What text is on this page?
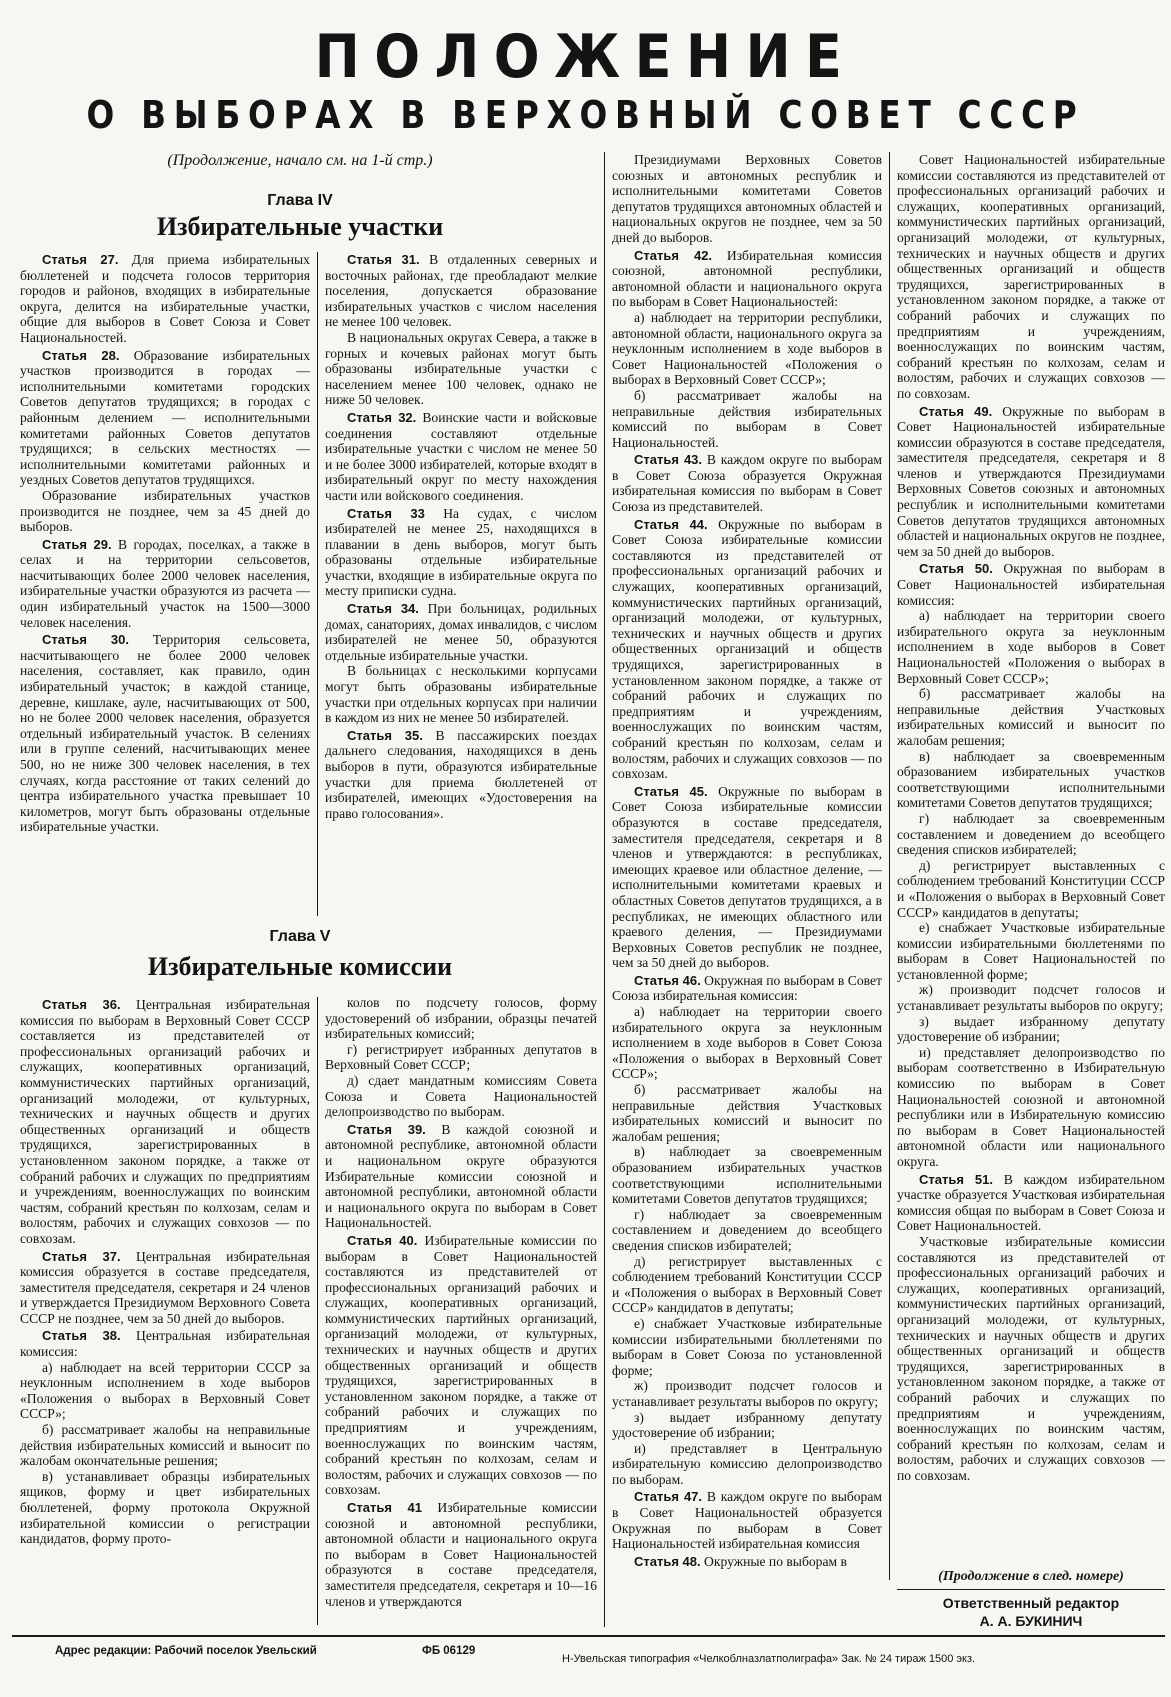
ПОЛОЖЕНИЕ
О ВЫБОРАХ В ВЕРХОВНЫЙ СОВЕТ СССР
(Продолжение, начало см. на 1-й стр.)
Глава IV
Избирательные участки

Статья 27. Для приема избирательных бюллетеней и подсчета голосов территория городов и районов, входящих в избирательные округа, делится на избирательные участки, общие для выборов в Совет Союза и Совет Национальностей.

Статья 28. Образование избирательных участков производится в городах — исполнительными комитетами городских Советов депутатов трудящихся; в городах с районным делением — исполнительными комитетами районных Советов депутатов трудящихся; в сельских местностях — исполнительными комитетами районных и уездных Советов депутатов трудящихся.

Образование избирательных участков производится не позднее, чем за 45 дней до выборов.

Статья 29. В городах, поселках, а также в селах и на территории сельсоветов, насчитывающих более 2000 человек населения, избирательные участки образуются из расчета — один избирательный участок на 1500—3000 человек населения.

Статья 30. Территория сельсовета, насчитывающего не более 2000 человек населения, составляет, как правило, один избирательный участок; в каждой станице, деревне, кишлаке, ауле, насчитывающих от 500, но не более 2000 человек населения, образуется отдельный избирательный участок. В селениях или в группе селений, насчитывающих менее 500, но не ниже 300 человек населения, в тех случаях, когда расстояние от таких селений до центра избирательного участка превышает 10 километров, могут быть образованы отдельные избирательные участки.

Статья 31. В отдаленных северных и восточных районах, где преобладают мелкие поселения, допускается образование избирательных участков с числом населения не менее 100 человек.

В национальных округах Севера, а также в горных и кочевых районах могут быть образованы избирательные участки с населением менее 100 человек, однако не ниже 50 человек.

Статья 32. Воинские части и войсковые соединения составляют отдельные избирательные участки с числом не менее 50 и не более 3000 избирателей, которые входят в избирательный округ по месту нахождения части или войскового соединения.

Статья 33 На судах, с числом избирателей не менее 25, находящихся в плавании в день выборов, могут быть образованы отдельные избирательные участки, входящие в избирательные округа по месту приписки судна.

Статья 34. При больницах, родильных домах, санаториях, домах инвалидов, с числом избирателей не менее 50, образуются отдельные избирательные участки.

В больницах с несколькими корпусами могут быть образованы избирательные участки при отдельных корпусах при наличии в каждом из них не менее 50 избирателей.

Статья 35. В пассажирских поездах дальнего следования, находящихся в день выборов в пути, образуются избирательные участки для приема бюллетеней от избирателей, имеющих «Удостоверения на право голосования».

Глава V
Избирательные комиссии

Статья 36. Центральная избирательная комиссия по выборам в Верховный Совет СССР составляется из представителей от профессиональных организаций рабочих и служащих, кооперативных организаций, коммунистических партийных организаций, организаций молодежи, от культурных, технических и научных обществ и других общественных организаций и обществ трудящихся, зарегистрированных в установленном законом порядке, а также от собраний рабочих и служащих по предприятиям и учреждениям, военнослужащих по воинским частям, собраний крестьян по колхозам, селам и волостям, рабочих и служащих совхозов — по совхозам.

Статья 37. Центральная избирательная комиссия образуется в составе председателя, заместителя председателя, секретаря и 24 членов и утверждается Президиумом Верховного Совета СССР не позднее, чем за 50 дней до выборов.

Статья 38. Центральная избирательная комиссия:

а) наблюдает на всей территории СССР за неуклонным исполнением в ходе выборов «Положения о выборах в Верховный Совет СССР»;

б) рассматривает жалобы на неправильные действия избирательных комиссий и выносит по жалобам окончательные решения;

в) устанавливает образцы избирательных ящиков, форму и цвет избирательных бюллетеней, форму протокола Окружной избирательной комиссии о регистрации кандидатов, форму прото-

колов по подсчету голосов, форму удостоверений об избрании, образцы печатей избирательных комиссий;

г) регистрирует избранных депутатов в Верховный Совет СССР;

д) сдает мандатным комиссиям Совета Союза и Совета Национальностей делопроизводство по выборам.

Статья 39. В каждой союзной и автономной республике, автономной области и национальном округе образуются Избирательные комиссии союзной и автономной республики, автономной области и национального округа по выборам в Совет Национальностей.

Статья 40. Избирательные комиссии по выборам в Совет Национальностей составляются из представителей от профессиональных организаций рабочих и служащих, кооперативных организаций, коммунистических партийных организаций, организаций молодежи, от культурных, технических и научных обществ и других общественных организаций и обществ трудящихся, зарегистрированных в установленном законом порядке, а также от собраний рабочих и служащих по предприятиям и учреждениям, военнослужащих по воинским частям, собраний крестьян по колхозам, селам и волостям, рабочих и служащих совхозов — по совхозам.

Статья 41 Избирательные комиссии союзной и автономной республики, автономной области и национального округа по выборам в Совет Национальностей образуются в составе председателя, заместителя председателя, секретаря и 10—16 членов и утверждаются

Президиумами Верховных Советов союзных и автономных республик и исполнительными комитетами Советов депутатов трудящихся автономных областей и национальных округов не позднее, чем за 50 дней до выборов.

Статья 42. Избирательная комиссия союзной, автономной республики, автономной области и национального округа по выборам в Совет Национальностей:

а) наблюдает на территории республики, автономной области, национального округа за неуклонным исполнением в ходе выборов в Совет Национальностей «Положения о выборах в Верховный Совет СССР»;

б) рассматривает жалобы на неправильные действия избирательных комиссий по выборам в Совет Национальностей.

Статья 43. В каждом округе по выборам в Совет Союза образуется Окружная избирательная комиссия по выборам в Совет Союза из представителей.

Статья 44. Окружные по выборам в Совет Союза избирательные комиссии составляются из представителей от профессиональных организаций рабочих и служащих, кооперативных организаций, коммунистических партийных организаций, организаций молодежи, от культурных, технических и научных обществ и других общественных организаций и обществ трудящихся, зарегистрированных в установленном законом порядке, а также от собраний рабочих и служащих по предприятиям и учреждениям, военнослужащих по воинским частям, собраний крестьян по колхозам, селам и волостям, рабочих и служащих совхозов — по совхозам.

Статья 45. Окружные по выборам в Совет Союза избирательные комиссии образуются в составе председателя, заместителя председателя, секретаря и 8 членов и утверждаются: в республиках, имеющих краевое или областное деление, — исполнительными комитетами краевых и областных Советов депутатов трудящихся, а в республиках, не имеющих областного или краевого деления, — Президиумами Верховных Советов республик не позднее, чем за 50 дней до выборов.

Статья 46. Окружная по выборам в Совет Союза избирательная комиссия:

а) наблюдает на территории своего избирательного округа за неуклонным исполнением в ходе выборов в Совет Союза «Положения о выборах в Верховный Совет СССР»;

б) рассматривает жалобы на неправильные действия Участковых избирательных комиссий и выносит по жалобам решения;

в) наблюдает за своевременным образованием избирательных участков соответствующими исполнительными комитетами Советов депутатов трудящихся;

г) наблюдает за своевременным составлением и доведением до всеобщего сведения списков избирателей;

д) регистрирует выставленных с соблюдением требований Конституции СССР и «Положения о выборах в Верховный Совет СССР» кандидатов в депутаты;

е) снабжает Участковые избирательные комиссии избирательными бюллетенями по выборам в Совет Союза по установленной форме;

ж) производит подсчет голосов и устанавливает результаты выборов по округу;

з) выдает избранному депутату удостоверение об избрании;

и) представляет в Центральную избирательную комиссию делопроизводство по выборам.

Статья 47. В каждом округе по выборам в Совет Национальностей образуется Окружная по выборам в Совет Национальностей избирательная комиссия

Статья 48. Окружные по выборам в

Совет Национальностей избирательные комиссии составляются из представителей от профессиональных организаций рабочих и служащих, кооперативных организаций, коммунистических партийных организаций, организаций молодежи, от культурных, технических и научных обществ и других общественных организаций и обществ трудящихся, зарегистрированных в установленном законом порядке, а также от собраний рабочих и служащих по предприятиям и учреждениям, военнослужащих по воинским частям, собраний крестьян по колхозам, селам и волостям, рабочих и служащих совхозов — по совхозам.

Статья 49. Окружные по выборам в Совет Национальностей избирательные комиссии образуются в составе председателя, заместителя председателя, секретаря и 8 членов и утверждаются Президиумами Верховных Советов союзных и автономных республик и исполнительными комитетами Советов депутатов трудящихся автономных областей и национальных округов не позднее, чем за 50 дней до выборов.

Статья 50. Окружная по выборам в Совет Национальностей избирательная комиссия:

а) наблюдает на территории своего избирательного округа за неуклонным исполнением в ходе выборов в Совет Национальностей «Положения о выборах в Верховный Совет СССР»;

б) рассматривает жалобы на неправильные действия Участковых избирательных комиссий и выносит по жалобам решения;

в) наблюдает за своевременным образованием избирательных участков соответствующими исполнительными комитетами Советов депутатов трудящихся;

г) наблюдает за своевременным составлением и доведением до всеобщего сведения списков избирателей;

д) регистрирует выставленных с соблюдением требований Конституции СССР и «Положения о выборах в Верховный Совет СССР» кандидатов в депутаты;

е) снабжает Участковые избирательные комиссии избирательными бюллетенями по выборам в Совет Национальностей по установленной форме;

ж) производит подсчет голосов и устанавливает результаты выборов по округу;

з) выдает избранному депутату удостоверение об избрании;

и) представляет делопроизводство по выборам соответственно в Избирательную комиссию по выборам в Совет Национальностей союзной и автономной республики или в Избирательную комиссию по выборам в Совет Национальностей автономной области или национального округа.

Статья 51. В каждом избирательном участке образуется Участковая избирательная комиссия общая по выборам в Совет Союза и Совет Национальностей.

Участковые избирательные комиссии составляются из представителей от профессиональных организаций рабочих и служащих, кооперативных организаций, коммунистических партийных организаций, организаций молодежи, от культурных, технических и научных обществ и других общественных организаций и обществ трудящихся, зарегистрированных в установленном законом порядке, а также от собраний рабочих и служащих по предприятиям и учреждениям, военнослужащих по воинским частям, собраний крестьян по колхозам, селам и волостям, рабочих и служащих совхозов — по совхозам.

(Продолжение в след. номере)
Ответственный редактор
А. А. БУКИНИЧ
Адрес редакции: Рабочий поселок Увельский	ФБ 06129
Н-Увельская типография «Челкоблназлатполиграфа» Зак. № 24 тираж 1500 экз.
